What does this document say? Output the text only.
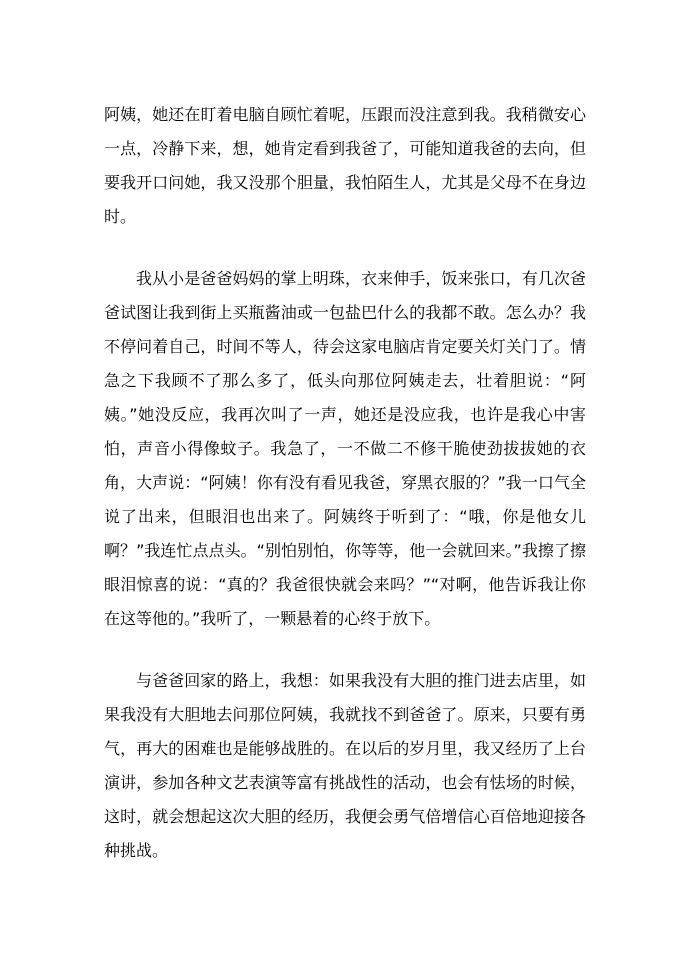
阿姨，她还在盯着电脑自顾忙着呢，压跟而没注意到我。我稍微安心一点，冷静下来，想，她肯定看到我爸了，可能知道我爸的去向，但要我开口问她，我又没那个胆量，我怕陌生人，尤其是父母不在身边时。

我从小是爸爸妈妈的掌上明珠，衣来伸手，饭来张口，有几次爸爸试图让我到街上买瓶酱油或一包盐巴什么的我都不敢。怎么办？我不停问着自己，时间不等人，待会这家电脑店肯定要关灯关门了。情急之下我顾不了那么多了，低头向那位阿姨走去，壮着胆说：“阿姨。”她没反应，我再次叫了一声，她还是没应我，也许是我心中害怕，声音小得像蚊子。我急了，一不做二不修干脆使劲拔拔她的衣角，大声说：“阿姨！你有没有看见我爸，穿黑衣服的？”我一口气全说了出来，但眼泪也出来了。阿姨终于听到了：“哦，你是他女儿啊？”我连忙点点头。“别怕别怕，你等等，他一会就回来。”我擦了擦眼泪惊喜的说：“真的？我爸很快就会来吗？”“对啊，他告诉我让你在这等他的。”我听了，一颗悬着的心终于放下。

与爸爸回家的路上，我想：如果我没有大胆的推门进去店里，如果我没有大胆地去问那位阿姨，我就找不到爸爸了。原来，只要有勇气，再大的困难也是能够战胜的。在以后的岁月里，我又经历了上台演讲，参加各种文艺表演等富有挑战性的活动，也会有怯场的时候，这时，就会想起这次大胆的经历，我便会勇气倍增信心百倍地迎接各种挑战。
